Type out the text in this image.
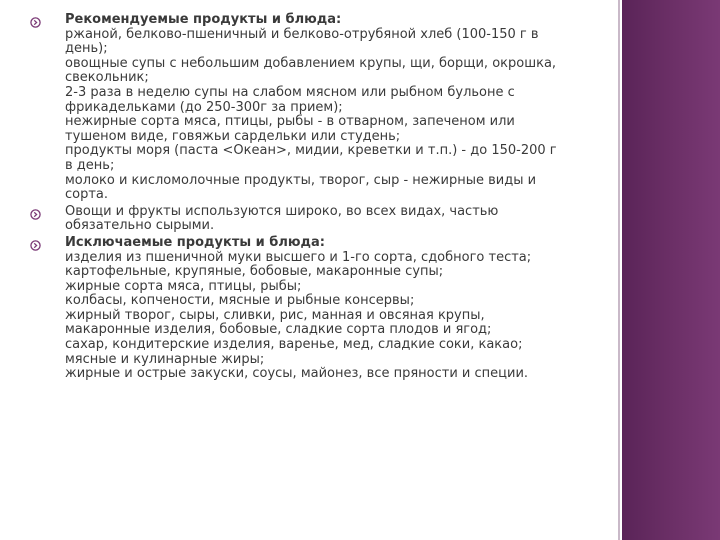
Рекомендуемые продукты и блюда:
ржаной, белково-пшеничный и белково-отрубяной хлеб (100-150 г в
день);
овощные супы с небольшим добавлением крупы, щи, борщи, окрошка,
свекольник;
2-3 раза в неделю супы на слабом мясном или рыбном бульоне с
фрикадельками (до 250-300г за прием);
нежирные сорта мяса, птицы, рыбы - в отварном, запеченом или
тушеном виде, говяжьи сардельки или студень;
продукты моря (паста <Океан>, мидии, креветки и т.п.) - до 150-200 г
в день;
молоко и кисломолочные продукты, творог, сыр - нежирные виды и
сорта.
Овощи и фрукты используются широко, во всех видах, частью
обязательно сырыми.
Исключаемые продукты и блюда:
изделия из пшеничной муки высшего и 1-го сорта, сдобного теста;
картофельные, крупяные, бобовые, макаронные супы;
жирные сорта мяса, птицы, рыбы;
колбасы, копчености, мясные и рыбные консервы;
жирный творог, сыры, сливки, рис, манная и овсяная крупы,
макаронные изделия, бобовые, сладкие сорта плодов и ягод;
сахар, кондитерские изделия, варенье, мед, сладкие соки, какао;
мясные и кулинарные жиры;
жирные и острые закуски, соусы, майонез, все пряности и специи.
